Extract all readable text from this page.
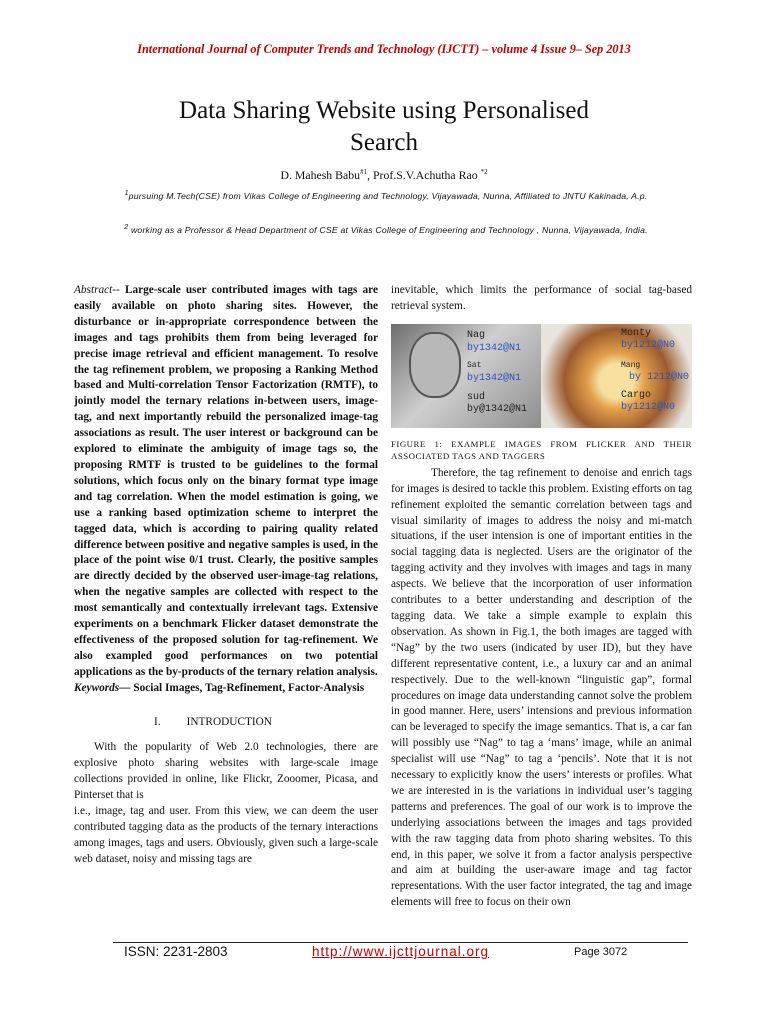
International Journal of Computer Trends and Technology (IJCTT) – volume 4 Issue 9– Sep 2013
Data Sharing Website using Personalised
Search
D. Mahesh Babu$^{\#1}$, Prof.S.V.Achutha Rao $^{*2}$
$^1$pursuing M.Tech(CSE) from Vikas College of Engineering and Technology, Vijayawada, Nunna, Affiliated to JNTU Kakinada, A.p.
$^2$ working as a Professor & Head Department of CSE at Vikas College of Engineering and Technology , Nunna, Vijayawada, India.

Abstract-- Large-scale user contributed images with tags are easily available on photo sharing sites. However, the disturbance or in-appropriate correspondence between the images and tags prohibits them from being leveraged for precise image retrieval and efficient management. To resolve the tag refinement problem, we proposing a Ranking Method based and Multi-correlation Tensor Factorization (RMTF), to jointly model the ternary relations in-between users, image-tag, and next importantly rebuild the personalized image-tag associations as result. The user interest or background can be explored to eliminate the ambiguity of image tags so, the proposing RMTF is trusted to be guidelines to the formal solutions, which focus only on the binary format type image and tag correlation. When the model estimation is going, we use a ranking based optimization scheme to interpret the tagged data, which is according to pairing quality related difference between positive and negative samples is used, in the place of the point wise 0/1 trust. Clearly, the positive samples are directly decided by the observed user-image-tag relations, when the negative samples are collected with respect to the most semantically and contextually irrelevant tags. Extensive experiments on a benchmark Flicker dataset demonstrate the effectiveness of the proposed solution for tag-refinement. We also exampled good performances on two potential applications as the by-products of the ternary relation analysis.

Keywords— Social Images, Tag-Refinement, Factor-Analysis

I. INTRODUCTION

With the popularity of Web 2.0 technologies, there are explosive photo sharing websites with large-scale image collections provided in online, like Flickr, Zooomer, Picasa, and Pinterset that is

i.e., image, tag and user. From this view, we can deem the user contributed tagging data as the products of the ternary interactions among images, tags and users. Obviously, given such a large-scale web dataset, noisy and missing tags are

inevitable, which limits the performance of social tag-based retrieval system.

Nag
by1342@N1
Sat
by1342@N1
sud
by@1342@N1
Monty
by1212@N0
Mang
by 1212@N0
Cargo
by1212@N0

FIGURE 1: EXAMPLE IMAGES FROM FLICKER AND THEIR ASSOCIATED TAGS AND TAGGERS

Therefore, the tag refinement to denoise and enrich tags for images is desired to tackle this problem. Existing efforts on tag refinement exploited the semantic correlation between tags and visual similarity of images to address the noisy and mi-match situations, if the user intension is one of important entities in the social tagging data is neglected. Users are the originator of the tagging activity and they involves with images and tags in many aspects. We believe that the incorporation of user information contributes to a better understanding and description of the tagging data. We take a simple example to explain this observation. As shown in Fig.1, the both images are tagged with “Nag” by the two users (indicated by user ID), but they have different representative content, i.e., a luxury car and an animal respectively. Due to the well-known “linguistic gap”, formal procedures on image data understanding cannot solve the problem in good manner. Here, users’ intensions and previous information can be leveraged to specify the image semantics. That is, a car fan will possibly use “Nag” to tag a ‘mans’ image, while an animal specialist will use “Nag” to tag a ‘pencils’. Note that it is not necessary to explicitly know the users’ interests or profiles. What we are interested in is the variations in individual user’s tagging patterns and preferences. The goal of our work is to improve the underlying associations between the images and tags provided with the raw tagging data from photo sharing websites. To this end, in this paper, we solve it from a factor analysis perspective and aim at building the user-aware image and tag factor representations. With the user factor integrated, the tag and image elements will free to focus on their own

ISSN: 2231-2803	http://www.ijcttjournal.org	Page 3072
